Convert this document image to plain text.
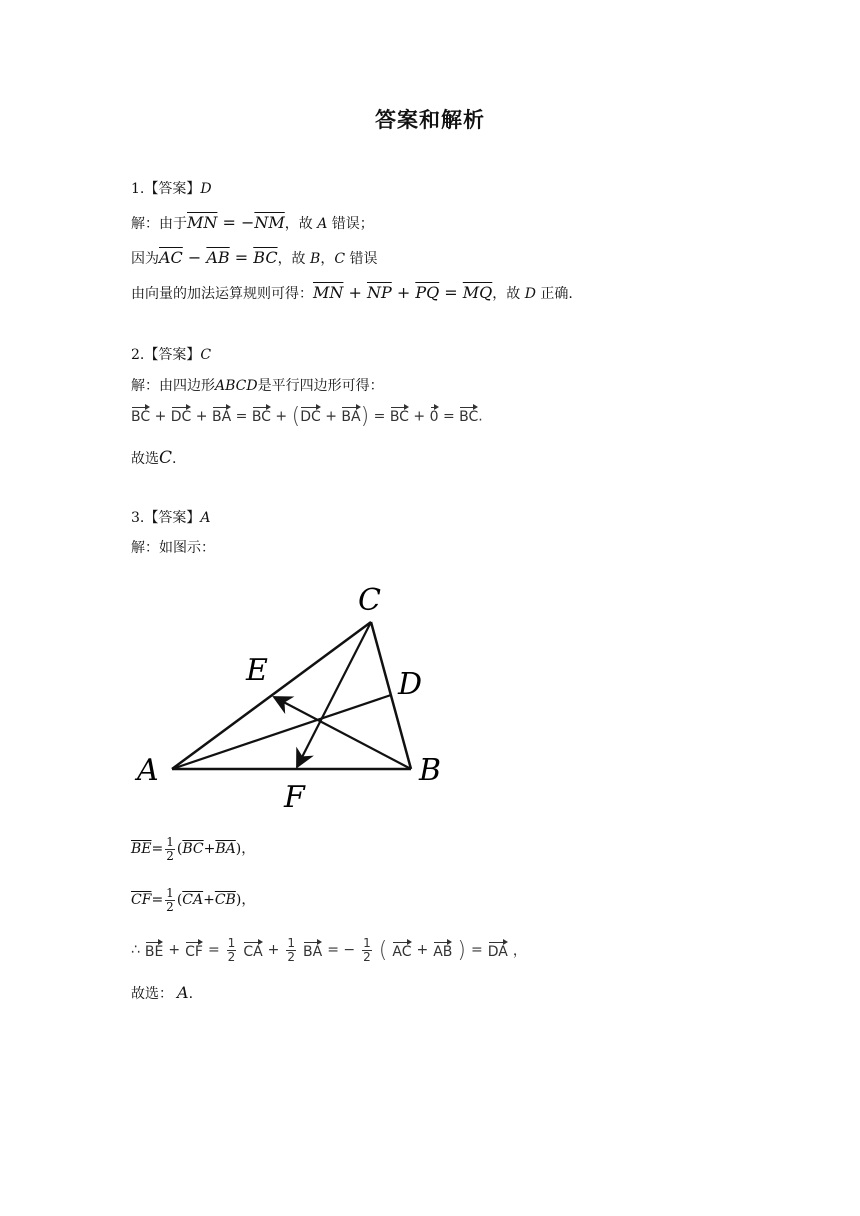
答案和解析
1.【答案】D
解：由于$\overline{MN} = -\overline{NM}$，故 A 错误；
因为$\overline{AC} - \overline{AB} = \overline{BC}$，故 B，C 错误
由向量的加法运算规则可得：$\overline{MN} + \overline{NP} + \overline{PQ} = \overline{MQ}$，故 D 正确.
2.【答案】C
解：由四边形ABCD是平行四边形可得：
BC + DC + BA = BC + (DC + BA) = BC + 0 = BC.
故选C.
3.【答案】A
解：如图示：
A	B
C
D
E
F
$\overline{BE} = \frac{1}{2}$ ( $\overline{BC} + \overline{BA}$ ) ，
$\overline{CF} = \frac{1}{2}$ ( $\overline{CA} + \overline{CB}$ ) ，
∴ BE + CF = $\frac{1}{2}$ CA + $\frac{1}{2}$ BA = − $\frac{1}{2}$ ( AC + AB ) = DA ，
故选： A.
